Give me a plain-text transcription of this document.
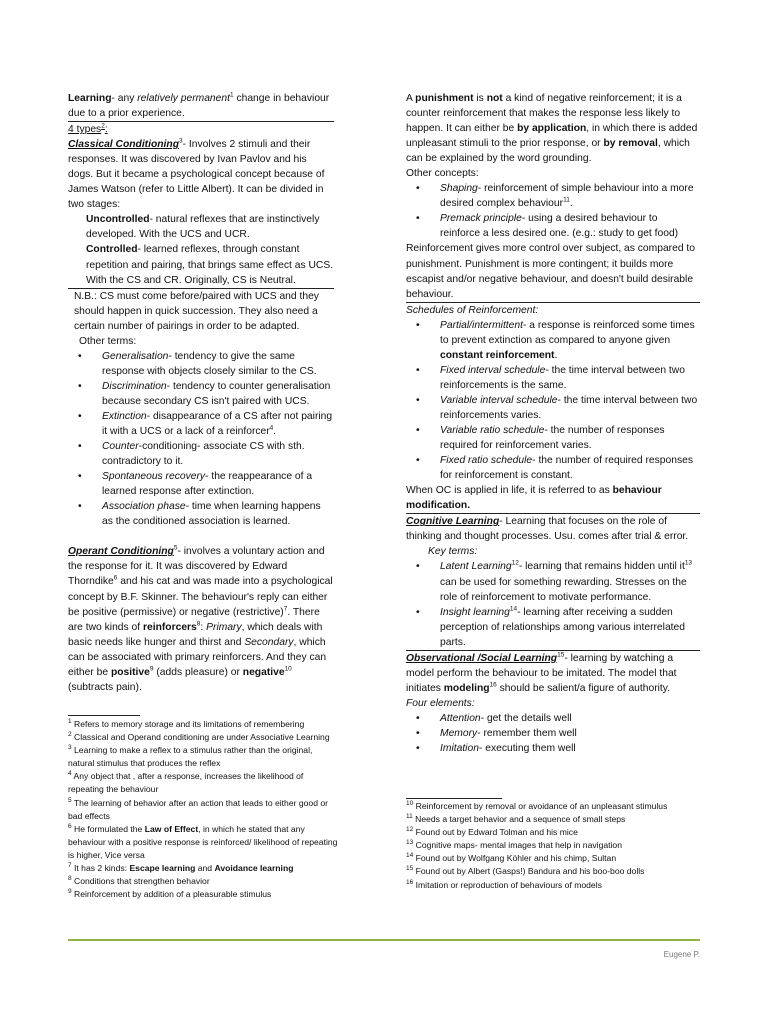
Learning- any relatively permanent$^1$ change in behaviour due to a prior experience.

4 types$^2$:

Classical Conditioning$^3$- Involves 2 stimuli and their responses. It was discovered by Ivan Pavlov and his dogs. But it became a psychological concept because of James Watson (refer to Little Albert). It can be divided in two stages:

Uncontrolled- natural reflexes that are instinctively developed. With the UCS and UCR.

Controlled- learned reflexes, through constant repetition and pairing, that brings same effect as UCS. With the CS and CR. Originally, CS is Neutral.

N.B.: CS must come before/paired with UCS and they should happen in quick succession. They also need a certain number of pairings in order to be adapted.

Other terms:

• Generalisation- tendency to give the same response with objects closely similar to the CS.
• Discrimination- tendency to counter generalisation because secondary CS isn't paired with UCS.
• Extinction- disappearance of a CS after not pairing it with a UCS or a lack of a reinforcer$^4$.
• Counter-conditioning- associate CS with sth. contradictory to it.
• Spontaneous recovery- the reappearance of a learned response after extinction.
• Association phase- time when learning happens as the conditioned association is learned.

Operant Conditioning$^5$- involves a voluntary action and the response for it. It was discovered by Edward Thorndike$^6$ and his cat and was made into a psychological concept by B.F. Skinner. The behaviour's reply can either be positive (permissive) or negative (restrictive)$^7$. There are two kinds of reinforcers$^8$: Primary, which deals with basic needs like hunger and thirst and Secondary, which can be associated with primary reinforcers. And they can either be positive$^9$ (adds pleasure) or negative$^{10}$ (subtracts pain).

$^1$ Refers to memory storage and its limitations of remembering
$^2$ Classical and Operand conditioning are under Associative Learning
$^3$ Learning to make a reflex to a stimulus rather than the original, natural stimulus that produces the reflex
$^4$ Any object that , after a response, increases the likelihood of repeating the behaviour
$^5$ The learning of behavior after an action that leads to either good or bad effects
$^6$ He formulated the Law of Effect, in which he stated that any behaviour with a positive response is reinforced/ likelihood of repeating is higher, Vice versa
$^7$ It has 2 kinds: Escape learning and Avoidance learning
$^8$ Conditions that strengthen behavior
$^9$ Reinforcement by addition of a pleasurable stimulus

A punishment is not a kind of negative reinforcement; it is a counter reinforcement that makes the response less likely to happen. It can either be by application, in which there is added unpleasant stimuli to the prior response, or by removal, which can be explained by the word grounding.

Other concepts:

• Shaping- reinforcement of simple behaviour into a more desired complex behaviour$^{11}$.
• Premack principle- using a desired behaviour to reinforce a less desired one. (e.g.: study to get food)

Reinforcement gives more control over subject, as compared to punishment. Punishment is more contingent; it builds more escapist and/or negative behaviour, and doesn't build desirable behaviour.

Schedules of Reinforcement:

• Partial/intermittent- a response is reinforced some times to prevent extinction as compared to anyone given constant reinforcement.
• Fixed interval schedule- the time interval between two reinforcements is the same.
• Variable interval schedule- the time interval between two reinforcements varies.
• Variable ratio schedule- the number of responses required for reinforcement varies.
• Fixed ratio schedule- the number of required responses for reinforcement is constant.

When OC is applied in life, it is referred to as behaviour modification.

Cognitive Learning- Learning that focuses on the role of thinking and thought processes. Usu. comes after trial & error.

Key terms:

• Latent Learning$^{12}$- learning that remains hidden until $it^{13}$ can be used for something rewarding. Stresses on the role of reinforcement to motivate performance.
• Insight learning$^{14}$- learning after receiving a sudden perception of relationships among various interrelated parts.

Observational /Social Learning$^{15}$- learning by watching a model perform the behaviour to be imitated. The model that initiates modeling$^{16}$ should be salient/a figure of authority.

Four elements:

• Attention- get the details well
• Memory- remember them well
• Imitation- executing them well
$^{10}$ Reinforcement by removal or avoidance of an unpleasant stimulus
$^{11}$ Needs a target behavior and a sequence of small steps
$^{12}$ Found out by Edward Tolman and his mice
$^{13}$ Cognitive maps- mental images that help in navigation
$^{14}$ Found out by Wolfgang Köhler and his chimp, Sultan
$^{15}$ Found out by Albert (Gasps!) Bandura and his boo-boo dolls
$^{16}$ Imitation or reproduction of behaviours of models
Eugene P.
